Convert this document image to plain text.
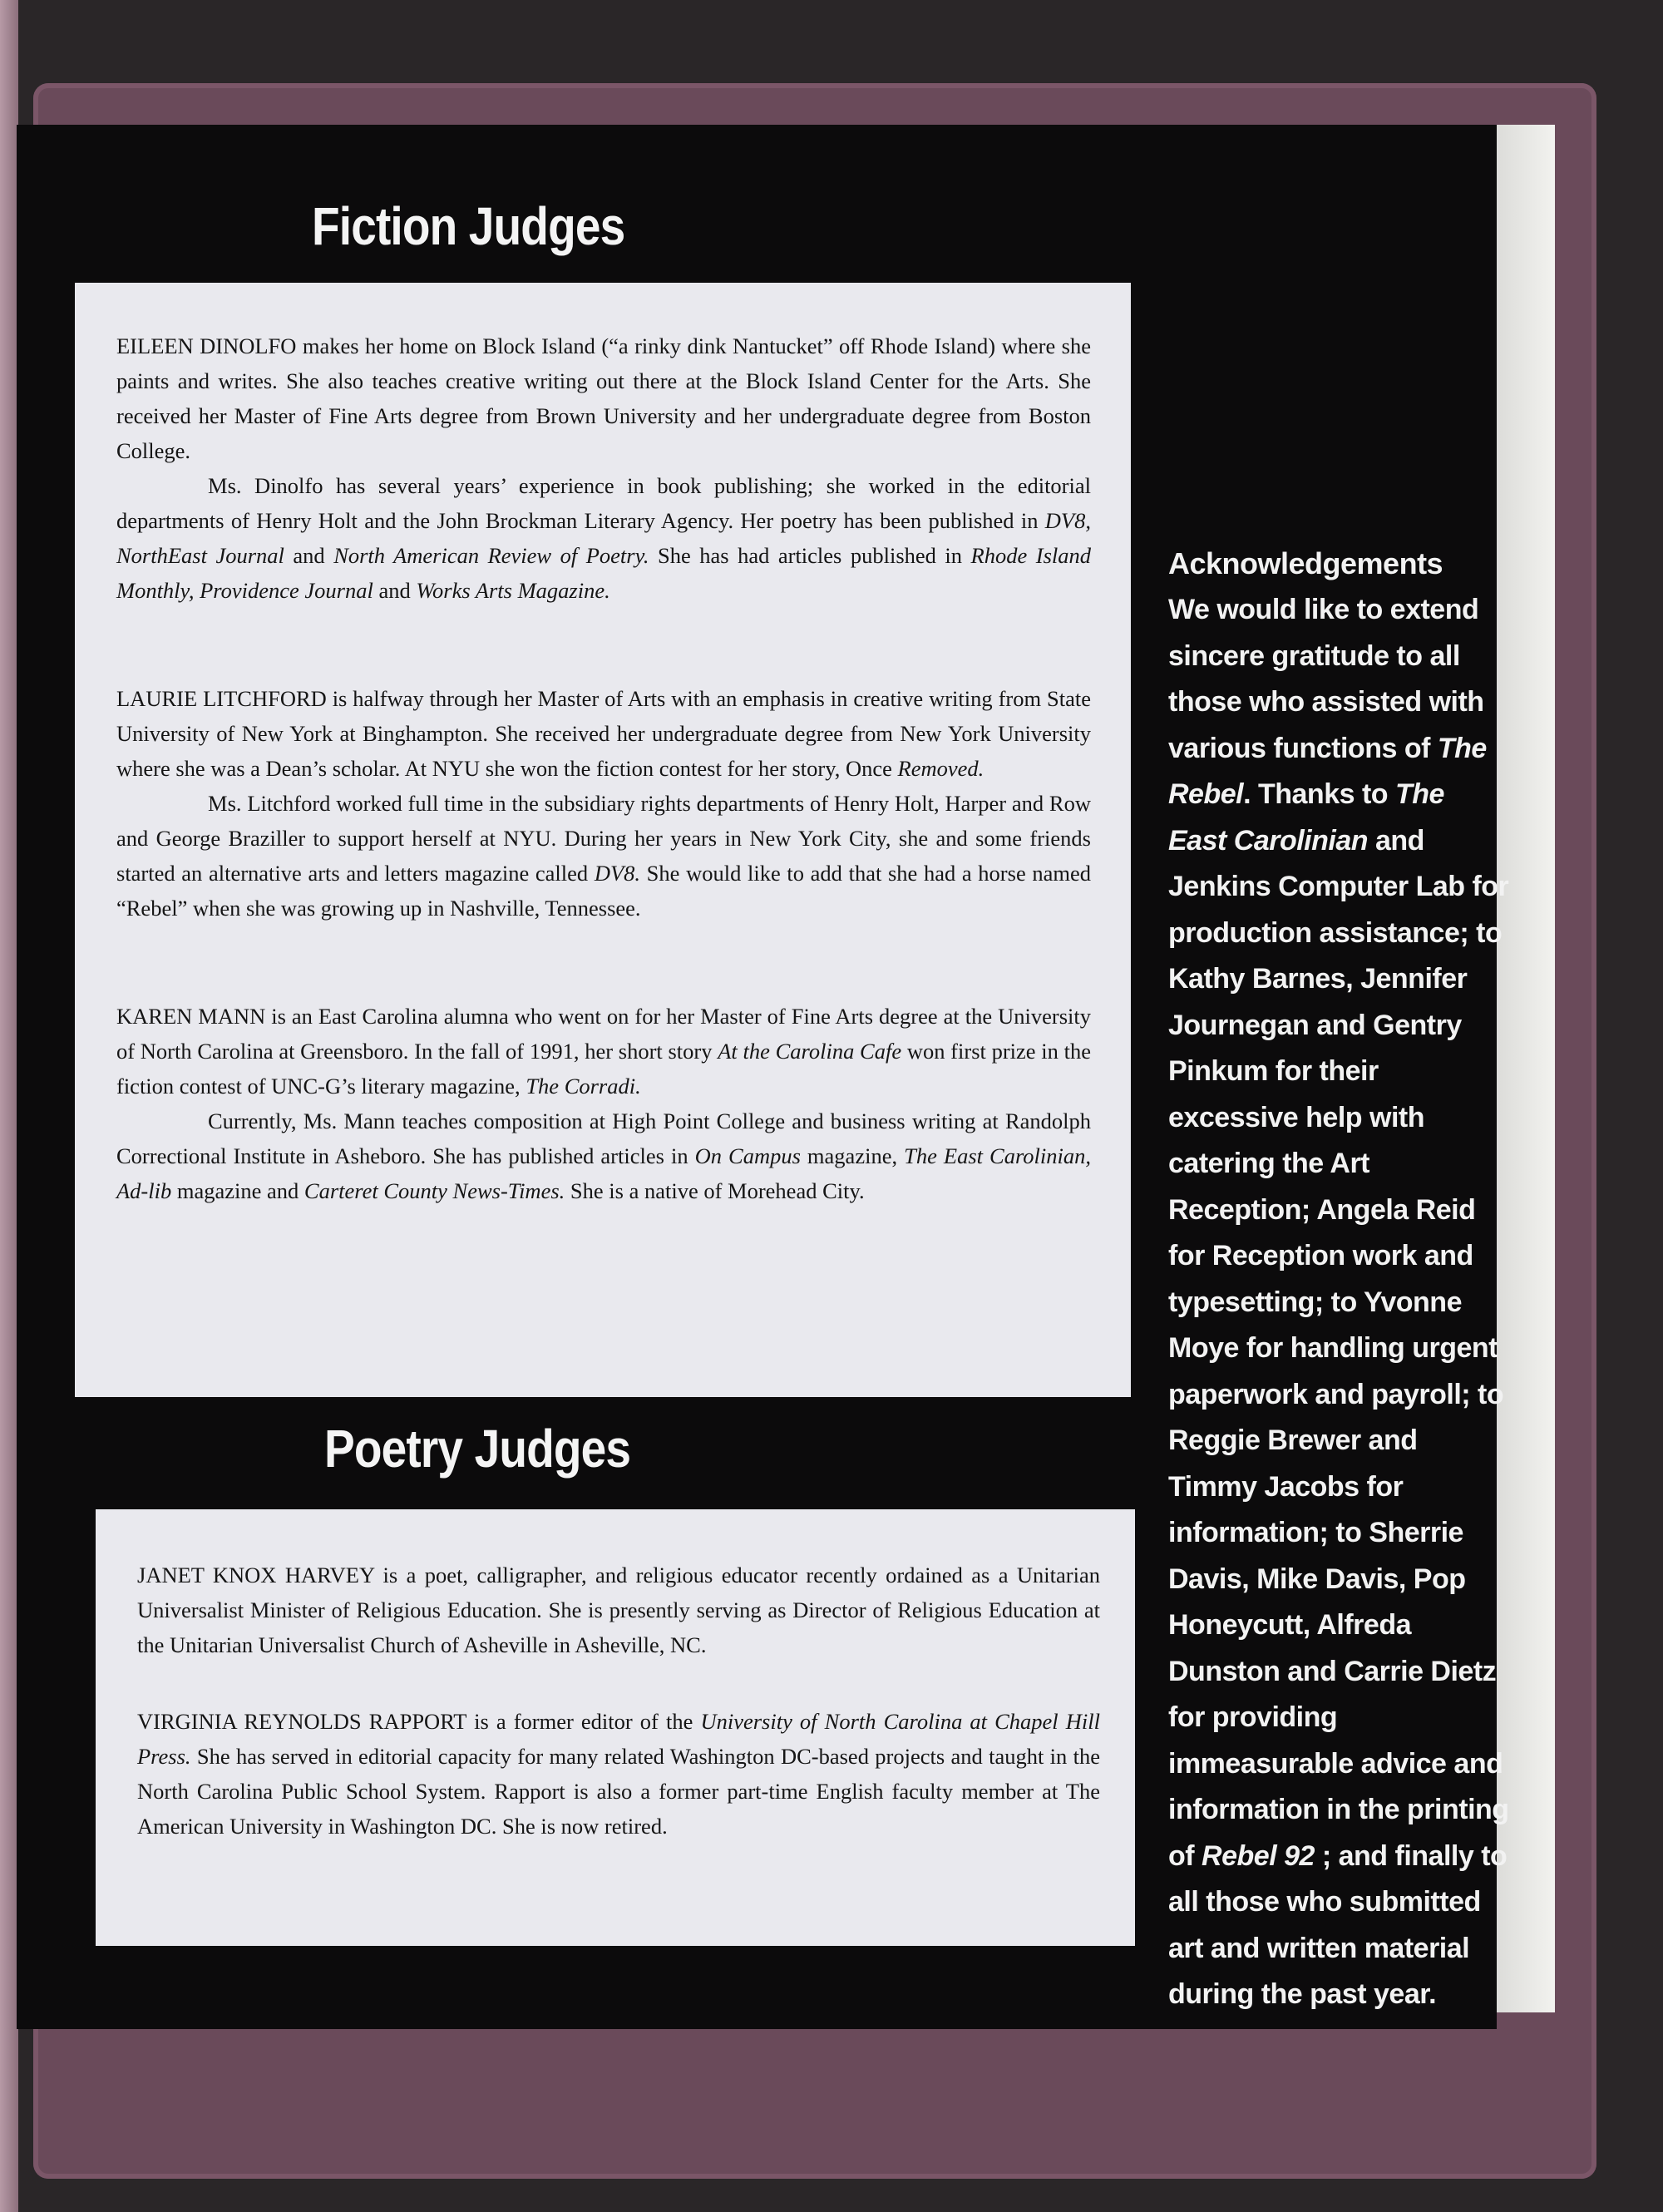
Fiction Judges

EILEEN DINOLFO makes her home on Block Island (“a rinky dink Nantucket” off Rhode Island) where she paints and writes. She also teaches creative writing out there at the Block Island Center for the Arts. She received her Master of Fine Arts degree from Brown University and her undergraduate degree from Boston College.

Ms. Dinolfo has several years’ experience in book publishing; she worked in the editorial departments of Henry Holt and the John Brockman Literary Agency. Her poetry has been published in DV8, NorthEast Journal and North American Review of Poetry. She has had articles published in Rhode Island Monthly, Providence Journal and Works Arts Magazine.

LAURIE LITCHFORD is halfway through her Master of Arts with an emphasis in creative writing from State University of New York at Binghampton. She received her undergraduate degree from New York University where she was a Dean’s scholar. At NYU she won the fiction contest for her story, Once Removed.

Ms. Litchford worked full time in the subsidiary rights departments of Henry Holt, Harper and Row and George Braziller to support herself at NYU. During her years in New York City, she and some friends started an alternative arts and letters magazine called DV8. She would like to add that she had a horse named “Rebel” when she was growing up in Nashville, Tennessee.

KAREN MANN is an East Carolina alumna who went on for her Master of Fine Arts degree at the University of North Carolina at Greensboro. In the fall of 1991, her short story At the Carolina Cafe won first prize in the fiction contest of UNC-G’s literary magazine, The Corradi.

Currently, Ms. Mann teaches composition at High Point College and business writing at Randolph Correctional Institute in Asheboro. She has published articles in On Campus magazine, The East Carolinian, Ad-lib magazine and Carteret County News-Times. She is a native of Morehead City.

Poetry Judges

JANET KNOX HARVEY is a poet, calligrapher, and religious educator recently ordained as a Unitarian Universalist Minister of Religious Education. She is presently serving as Director of Religious Education at the Unitarian Universalist Church of Asheville in Asheville, NC.

VIRGINIA REYNOLDS RAPPORT is a former editor of the University of North Carolina at Chapel Hill Press. She has served in editorial capacity for many related Washington DC-based projects and taught in the North Carolina Public School System. Rapport is also a former part-time English faculty member at The American University in Washington DC. She is now retired.

Acknowledgements
We would like to extend sincere gratitude to all those who assisted with various functions of The Rebel. Thanks to The East Carolinian and Jenkins Computer Lab for production assistance; to Kathy Barnes, Jennifer Journegan and Gentry Pinkum for their excessive help with catering the Art Reception; Angela Reid for Reception work and typesetting; to Yvonne Moye for handling urgent paperwork and payroll; to Reggie Brewer and Timmy Jacobs for information; to Sherrie Davis, Mike Davis, Pop Honeycutt, Alfreda Dunston and Carrie Dietz for providing immeasurable advice and information in the printing of Rebel 92 ; and finally to all those who submitted art and written material during the past year.
